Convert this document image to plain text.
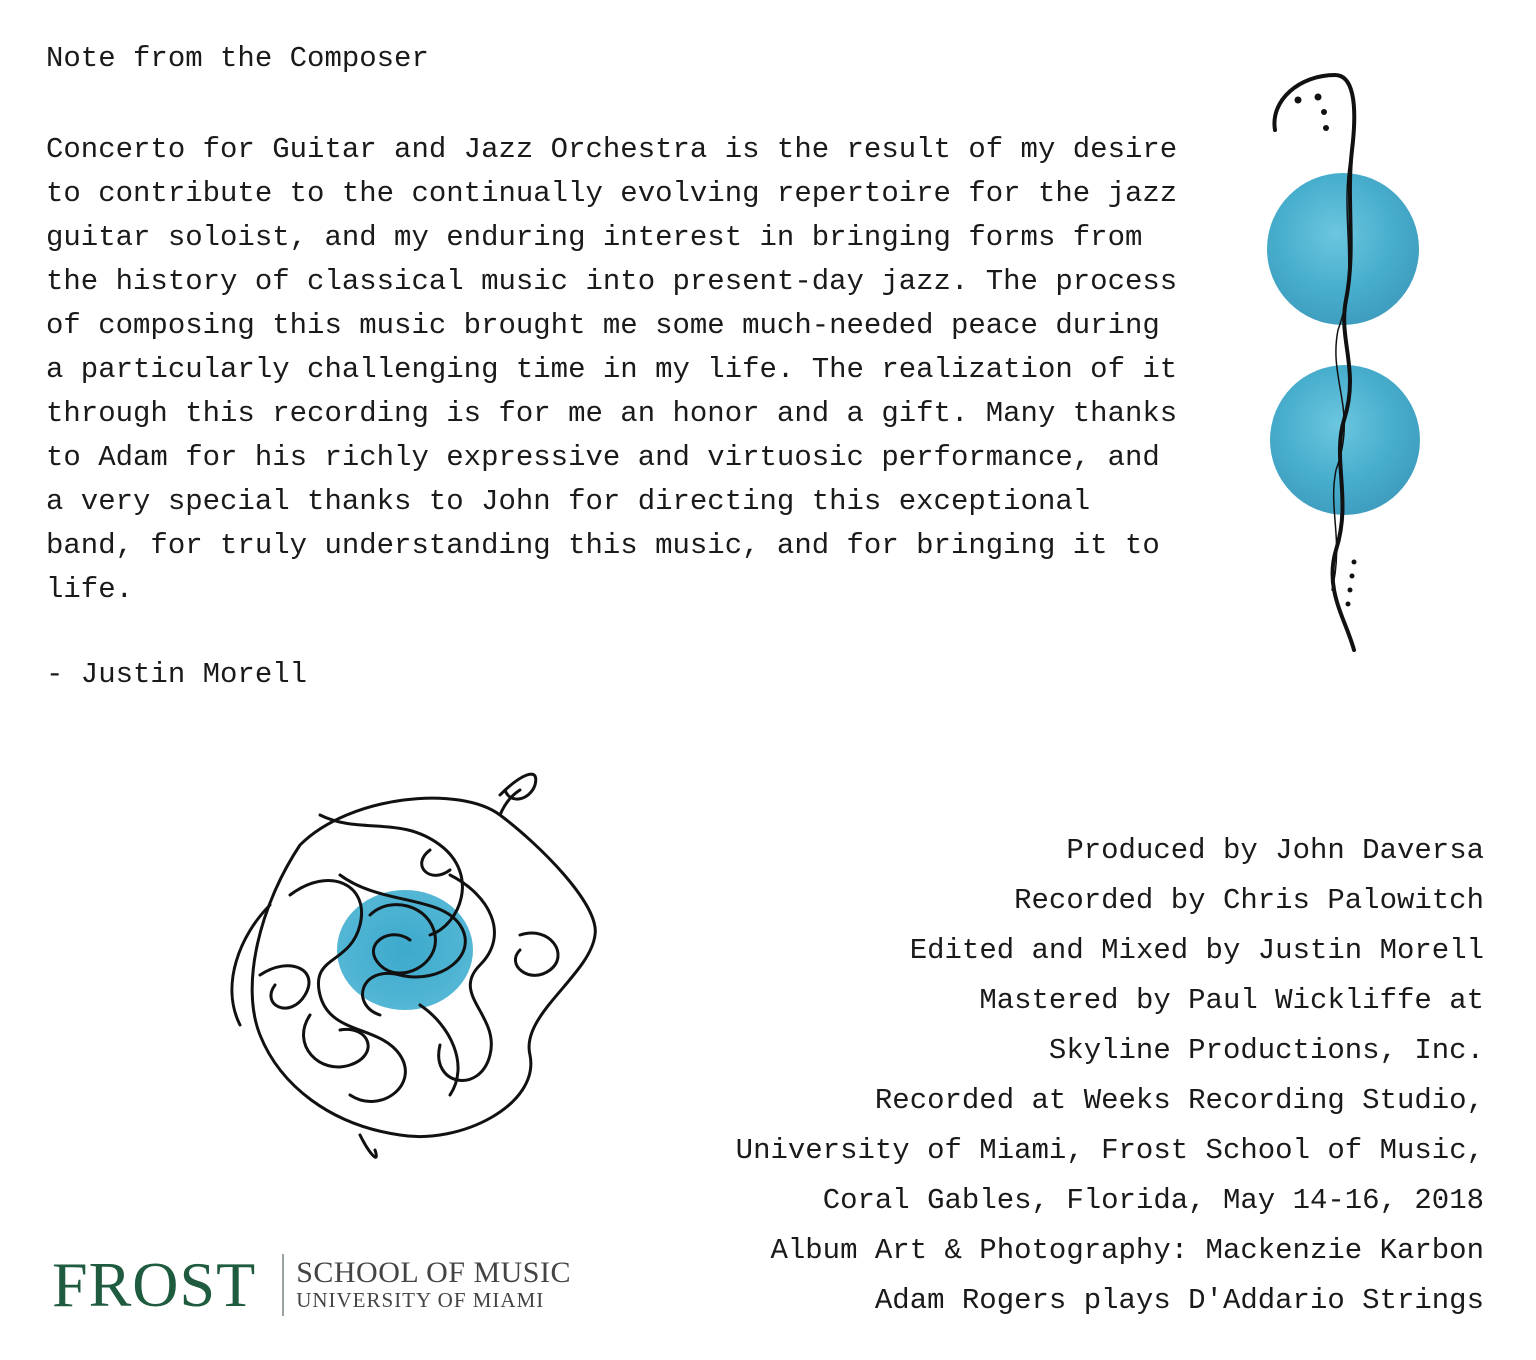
Note from the Composer
Concerto for Guitar and Jazz Orchestra is the result of my desire
to contribute to the continually evolving repertoire for the jazz
guitar soloist, and my enduring interest in bringing forms from
the history of classical music into present-day jazz. The process
of composing this music brought me some much-needed peace during
a particularly challenging time in my life. The realization of it
through this recording is for me an honor and a gift. Many thanks
to Adam for his richly expressive and virtuosic performance, and
a very special thanks to John for directing this exceptional
band, for truly understanding this music, and for bringing it to
life.
- Justin Morell
Produced by John Daversa
Recorded by Chris Palowitch
Edited and Mixed by Justin Morell
Mastered by Paul Wickliffe at
Skyline Productions, Inc.
Recorded at Weeks Recording Studio,
University of Miami, Frost School of Music,
Coral Gables, Florida, May 14-16, 2018
Album Art & Photography: Mackenzie Karbon
Adam Rogers plays D'Addario Strings
FROST SCHOOL OF MUSIC
UNIVERSITY OF MIAMI
